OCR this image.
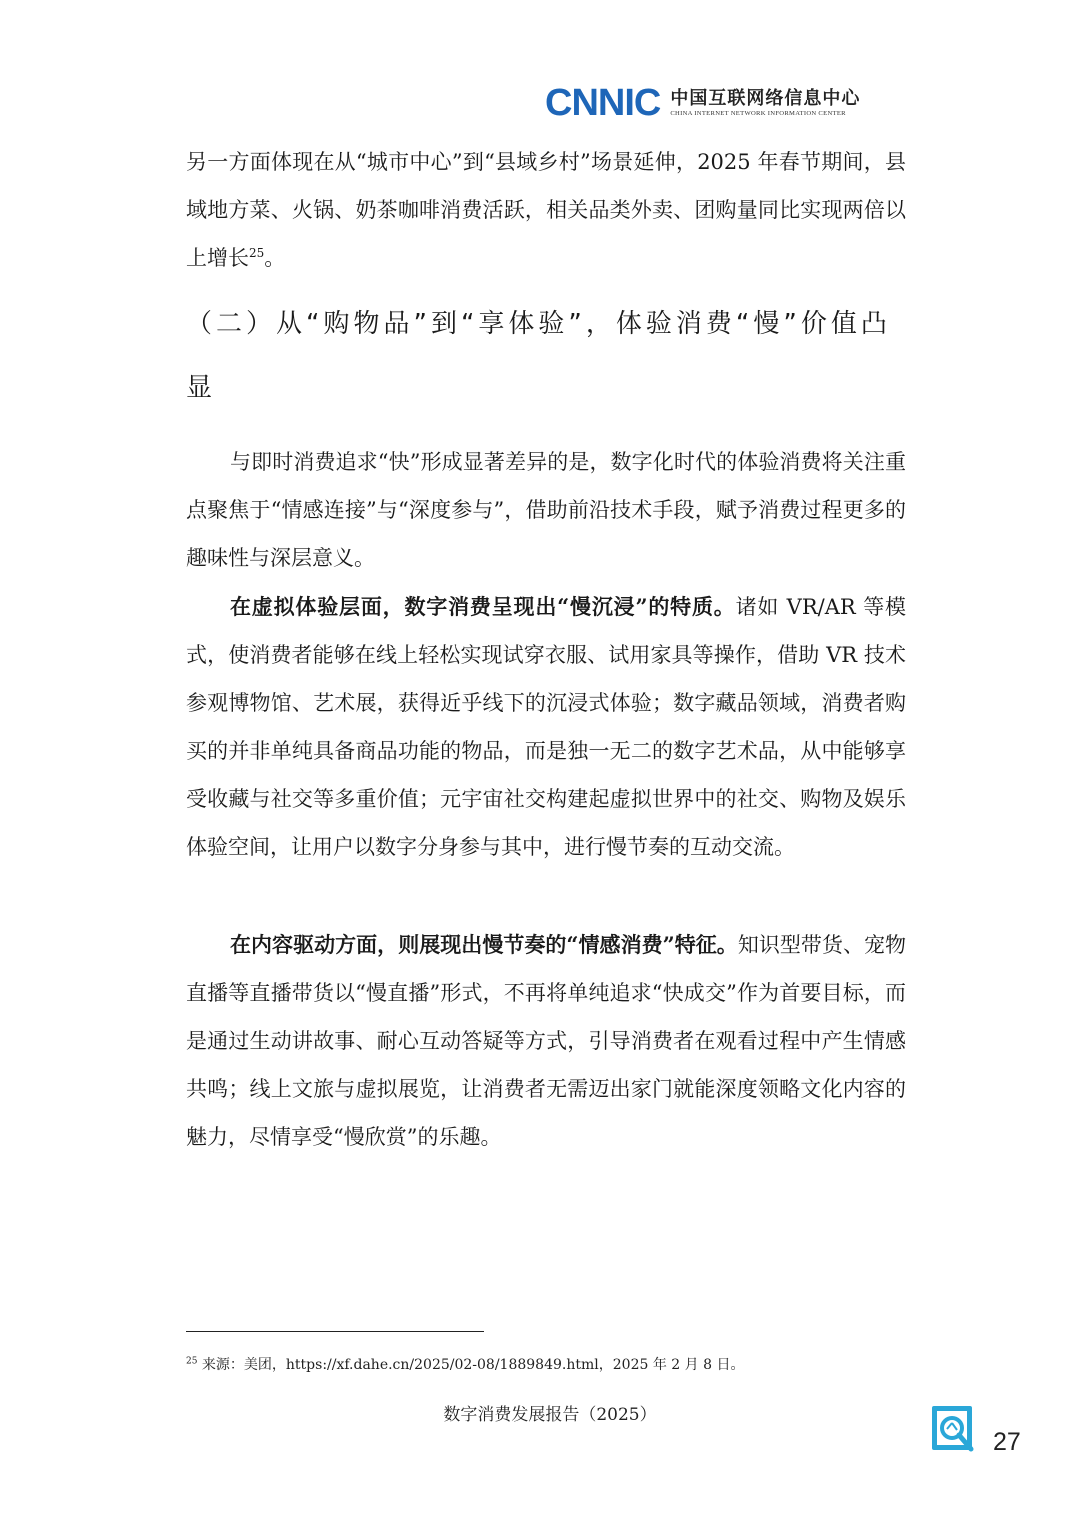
CNNIC 中国互联网络信息中心
CHINA INTERNET NETWORK INFORMATION CENTER

另一方面体现在从“城市中心”到“县域乡村”场景延伸，2025 年春节期间，县域地方菜、火锅、奶茶咖啡消费活跃，相关品类外卖、团购量同比实现两倍以上增长$^{25}$。

（二）从“购物品”到“享体验”，体验消费“慢”价值凸显

与即时消费追求“快”形成显著差异的是，数字化时代的体验消费将关注重点聚焦于“情感连接”与“深度参与”，借助前沿技术手段，赋予消费过程更多的趣味性与深层意义。

在虚拟体验层面，数字消费呈现出“慢沉浸”的特质。诸如 VR/AR 等模式，使消费者能够在线上轻松实现试穿衣服、试用家具等操作，借助 VR 技术参观博物馆、艺术展，获得近乎线下的沉浸式体验；数字藏品领域，消费者购买的并非单纯具备商品功能的物品，而是独一无二的数字艺术品，从中能够享受收藏与社交等多重价值；元宇宙社交构建起虚拟世界中的社交、购物及娱乐体验空间，让用户以数字分身参与其中，进行慢节奏的互动交流。

在内容驱动方面，则展现出慢节奏的“情感消费”特征。知识型带货、宠物直播等直播带货以“慢直播”形式，不再将单纯追求“快成交”作为首要目标，而是通过生动讲故事、耐心互动答疑等方式，引导消费者在观看过程中产生情感共鸣；线上文旅与虚拟展览，让消费者无需迈出家门就能深度领略文化内容的魅力，尽情享受“慢欣赏”的乐趣。

$^{25}$ 来源：美团，https://xf.dahe.cn/2025/02-08/1889849.html，2025 年 2 月 8 日。
数字消费发展报告（2025）
27
